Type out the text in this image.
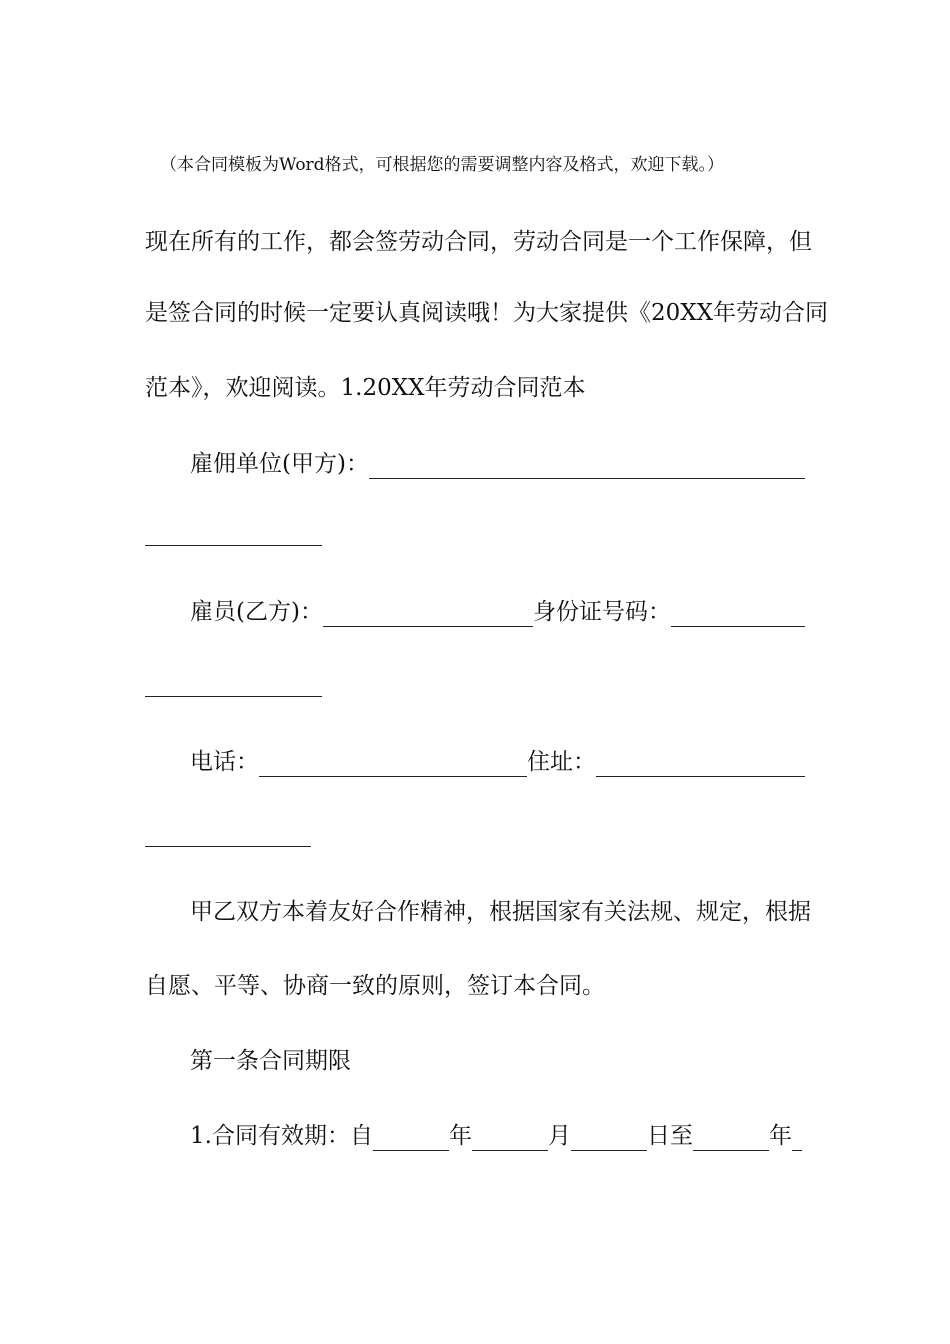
（本合同模板为Word格式，可根据您的需要调整内容及格式，欢迎下载。）
现在所有的工作，都会签劳动合同，劳动合同是一个工作保障，但
是签合同的时候一定要认真阅读哦！为大家提供《20XX年劳动合同
范本》，欢迎阅读。1.20XX年劳动合同范本
雇佣单位(甲方)：
雇员(乙方)：	身份证号码：
电话：	住址：
甲乙双方本着友好合作精神，根据国家有关法规、规定，根据
自愿、平等、协商一致的原则，签订本合同。
第一条合同期限
1.合同有效期：自	年	月	日至	年
